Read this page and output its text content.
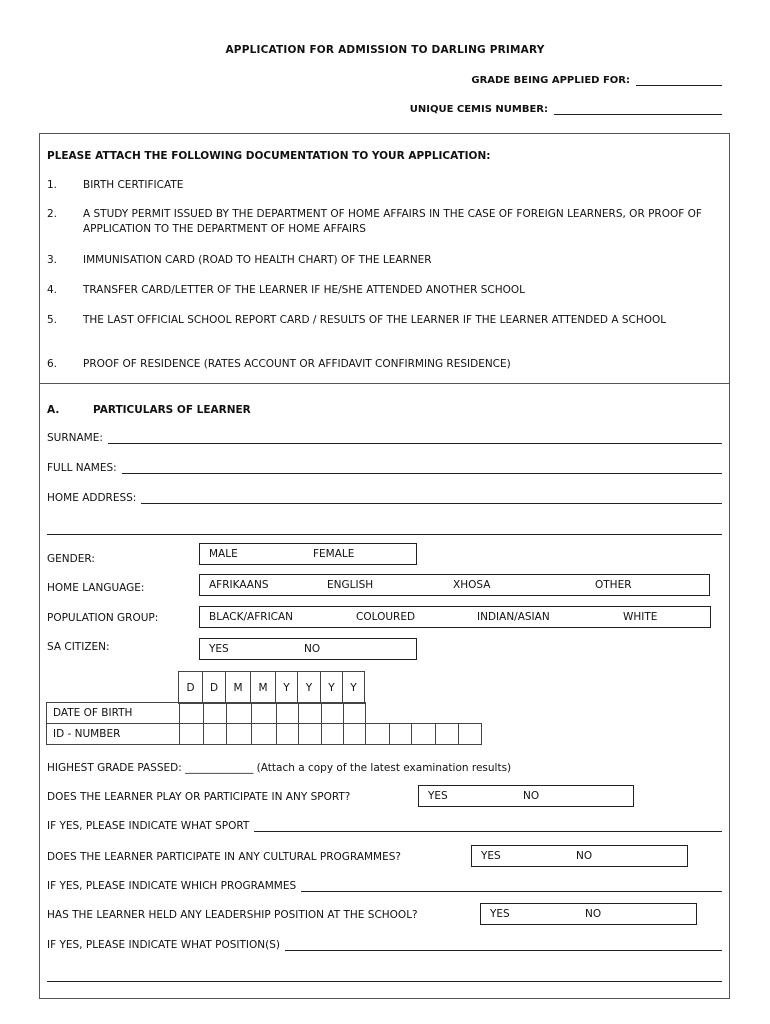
APPLICATION FOR ADMISSION TO DARLING PRIMARY
GRADE BEING APPLIED FOR:
UNIQUE CEMIS NUMBER:
PLEASE ATTACH THE FOLLOWING DOCUMENTATION TO YOUR APPLICATION:
1.	BIRTH CERTIFICATE
2.	A STUDY PERMIT ISSUED BY THE DEPARTMENT OF HOME AFFAIRS IN THE CASE OF FOREIGN LEARNERS, OR PROOF OF APPLICATION TO THE DEPARTMENT OF HOME AFFAIRS
3.	IMMUNISATION CARD (ROAD TO HEALTH CHART) OF THE LEARNER
4.	TRANSFER CARD/LETTER OF THE LEARNER IF HE/SHE ATTENDED ANOTHER SCHOOL
5.	THE LAST OFFICIAL SCHOOL REPORT CARD / RESULTS OF THE LEARNER IF THE LEARNER ATTENDED A SCHOOL
6.	PROOF OF RESIDENCE (RATES ACCOUNT OR AFFIDAVIT CONFIRMING RESIDENCE)
A.	PARTICULARS OF LEARNER
SURNAME:
FULL NAMES:
HOME ADDRESS:
GENDER:	MALE	FEMALE
HOME LANGUAGE:	AFRIKAANS	ENGLISH	XHOSA	OTHER
POPULATION GROUP:	BLACK/AFRICAN	COLOURED	INDIAN/ASIAN	WHITE
SA CITIZEN:	YES	NO
D	D	M	M	Y	Y	Y	Y
DATE OF BIRTH								
ID - NUMBER													
HIGHEST GRADE PASSED: _____________ (Attach a copy of the latest examination results)
DOES THE LEARNER PLAY OR PARTICIPATE IN ANY SPORT?	YES	NO
IF YES, PLEASE INDICATE WHAT SPORT
DOES THE LEARNER PARTICIPATE IN ANY CULTURAL PROGRAMMES?	YES	NO
IF YES, PLEASE INDICATE WHICH PROGRAMMES
HAS THE LEARNER HELD ANY LEADERSHIP POSITION AT THE SCHOOL?	YES	NO
IF YES, PLEASE INDICATE WHAT POSITION(S)
